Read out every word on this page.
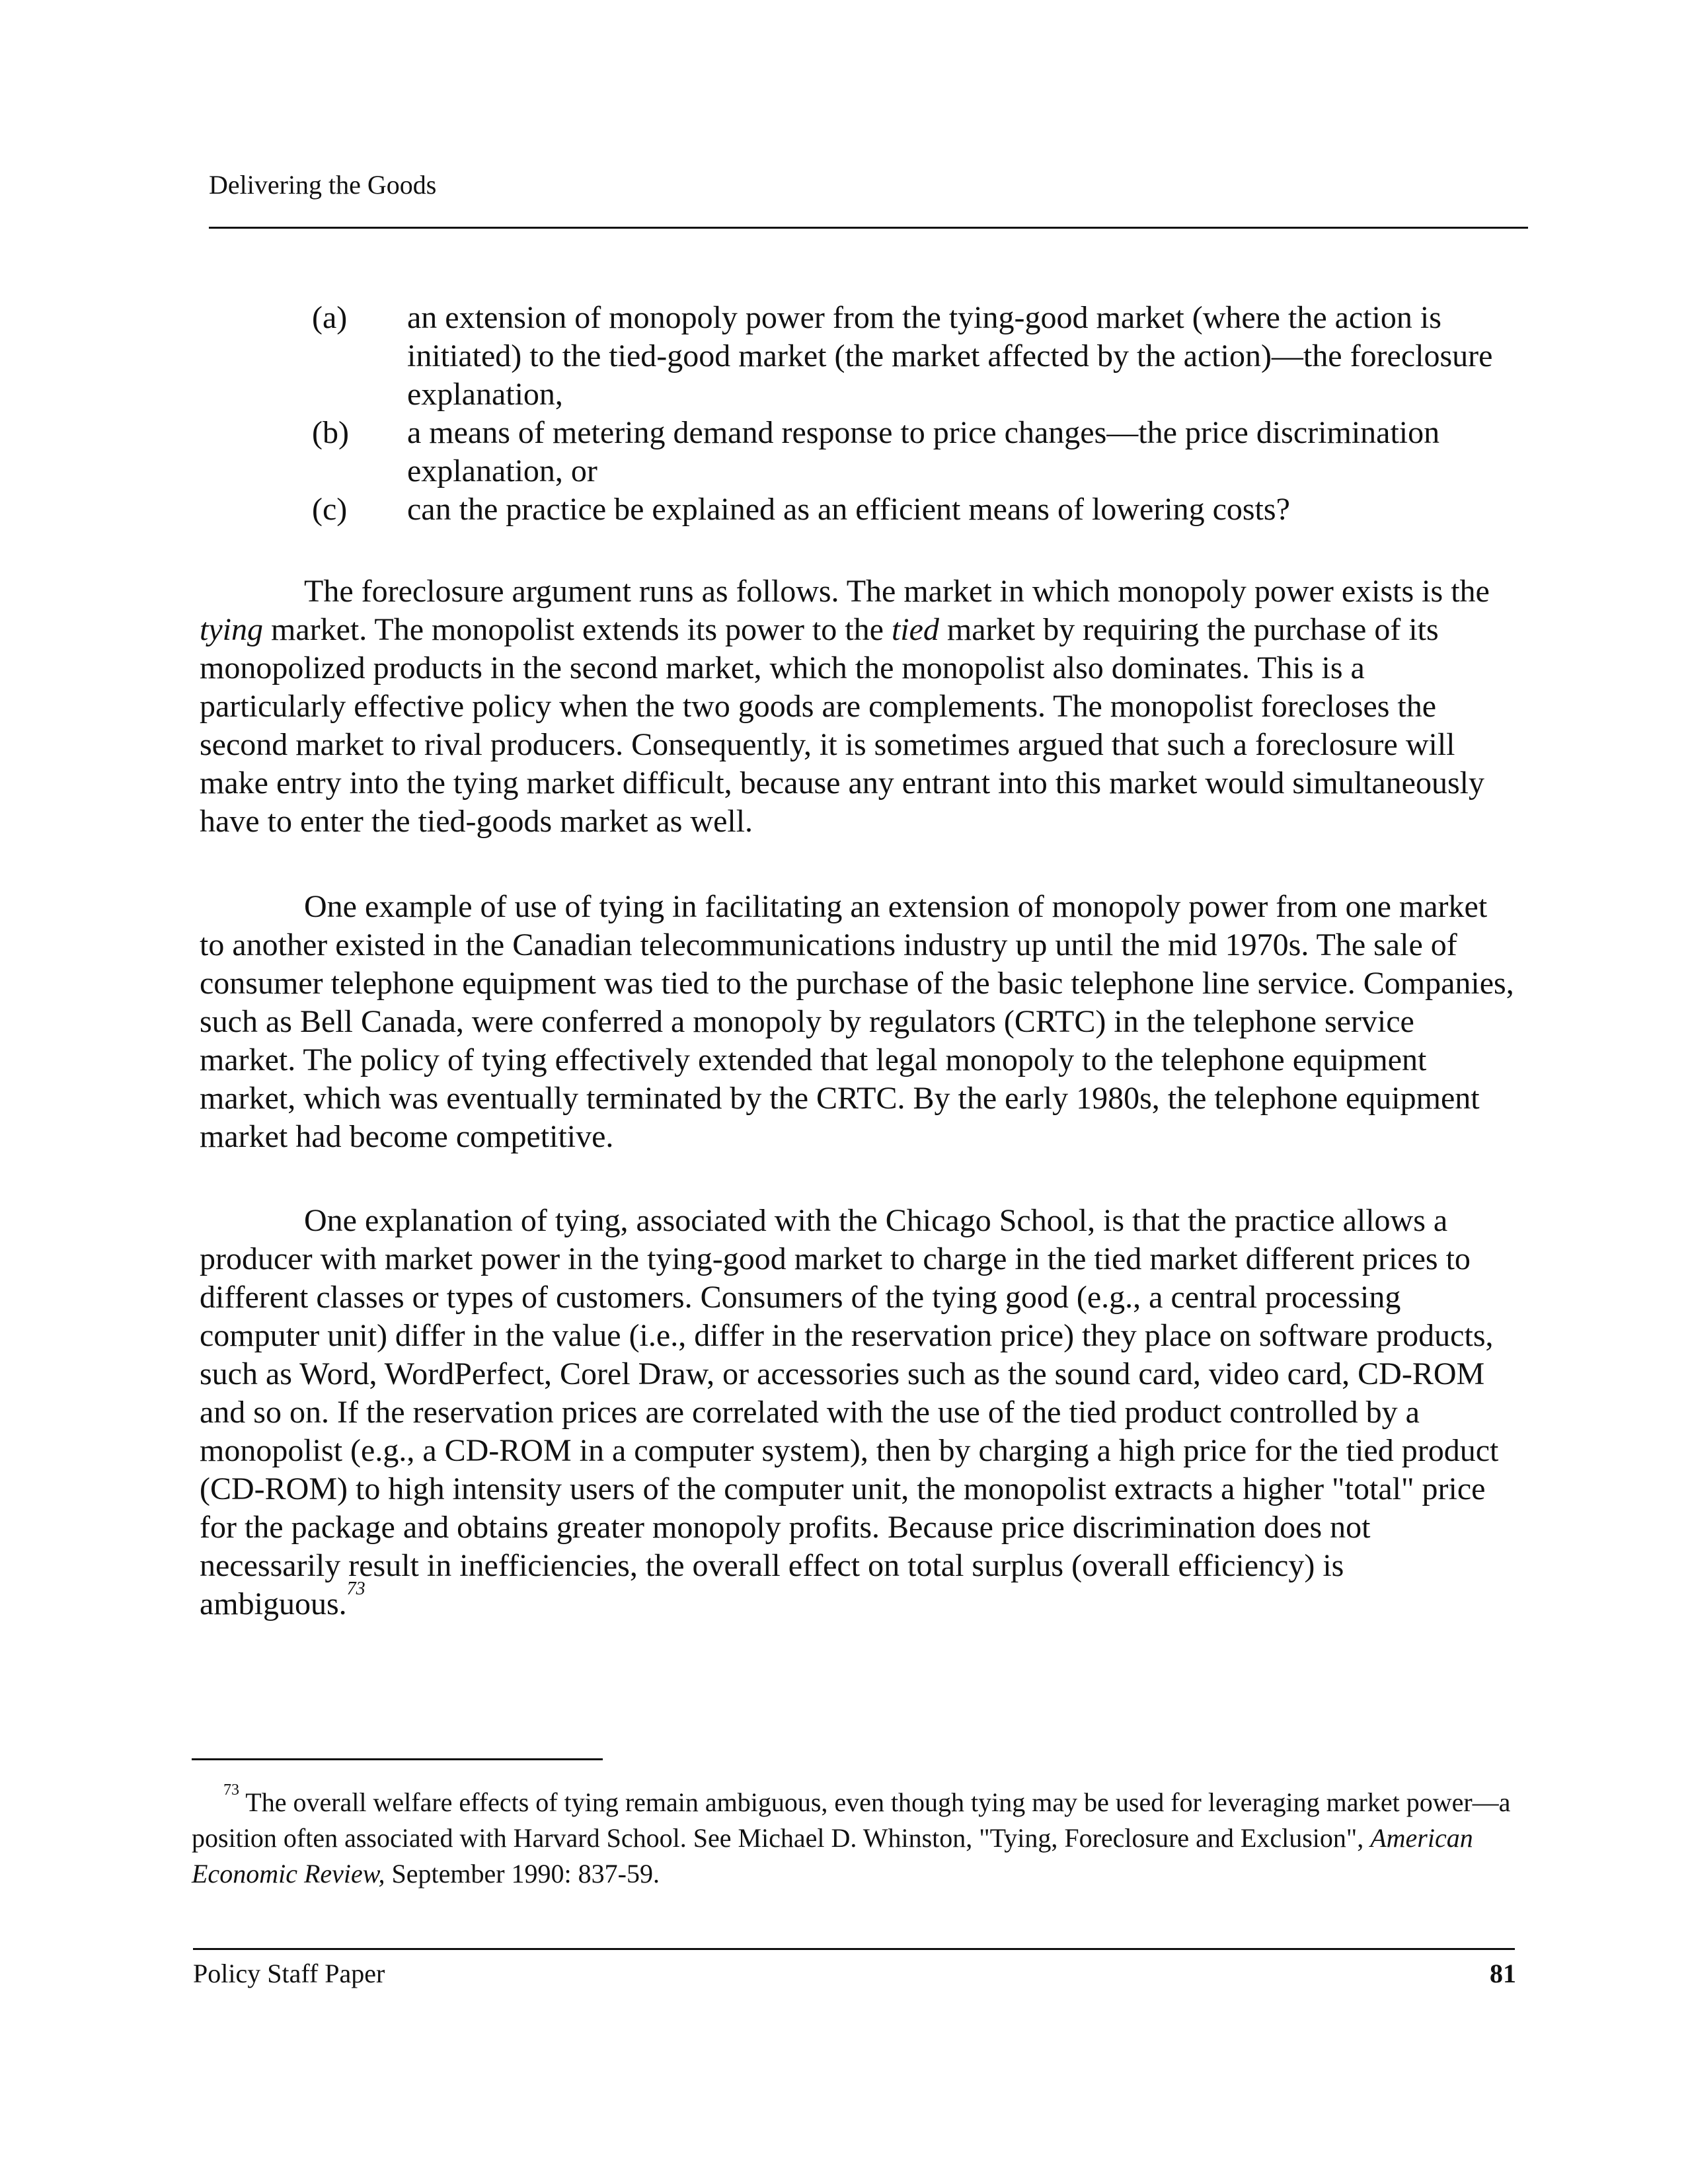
Delivering the Goods
(a)	an extension of monopoly power from the tying-good market (where the action is initiated) to the tied-good market (the market affected by the action)—the foreclosure explanation,
(b)	a means of metering demand response to price changes—the price discrimination explanation, or
(c)	can the practice be explained as an efficient means of lowering costs?

The foreclosure argument runs as follows. The market in which monopoly power exists is the tying market. The monopolist extends its power to the tied market by requiring the purchase of its monopolized products in the second market, which the monopolist also dominates. This is a particularly effective policy when the two goods are complements. The monopolist forecloses the second market to rival producers. Consequently, it is sometimes argued that such a foreclosure will make entry into the tying market difficult, because any entrant into this market would simultaneously have to enter the tied-goods market as well.

One example of use of tying in facilitating an extension of monopoly power from one market to another existed in the Canadian telecommunications industry up until the mid 1970s. The sale of consumer telephone equipment was tied to the purchase of the basic telephone line service. Companies, such as Bell Canada, were conferred a monopoly by regulators (CRTC) in the telephone service market. The policy of tying effectively extended that legal monopoly to the telephone equipment market, which was eventually terminated by the CRTC. By the early 1980s, the telephone equipment market had become competitive.

One explanation of tying, associated with the Chicago School, is that the practice allows a producer with market power in the tying-good market to charge in the tied market different prices to different classes or types of customers. Consumers of the tying good (e.g., a central processing computer unit) differ in the value (i.e., differ in the reservation price) they place on software products, such as Word, WordPerfect, Corel Draw, or accessories such as the sound card, video card, CD-ROM and so on. If the reservation prices are correlated with the use of the tied product controlled by a monopolist (e.g., a CD-ROM in a computer system), then by charging a high price for the tied product (CD-ROM) to high intensity users of the computer unit, the monopolist extracts a higher "total" price for the package and obtains greater monopoly profits. Because price discrimination does not necessarily result in inefficiencies, the overall effect on total surplus (overall efficiency) is ambiguous.$^{73}$

$^{73}$ The overall welfare effects of tying remain ambiguous, even though tying may be used for leveraging market power—a position often associated with Harvard School. See Michael D. Whinston, "Tying, Foreclosure and Exclusion", American Economic Review, September 1990: 837-59.

Policy Staff Paper	81
